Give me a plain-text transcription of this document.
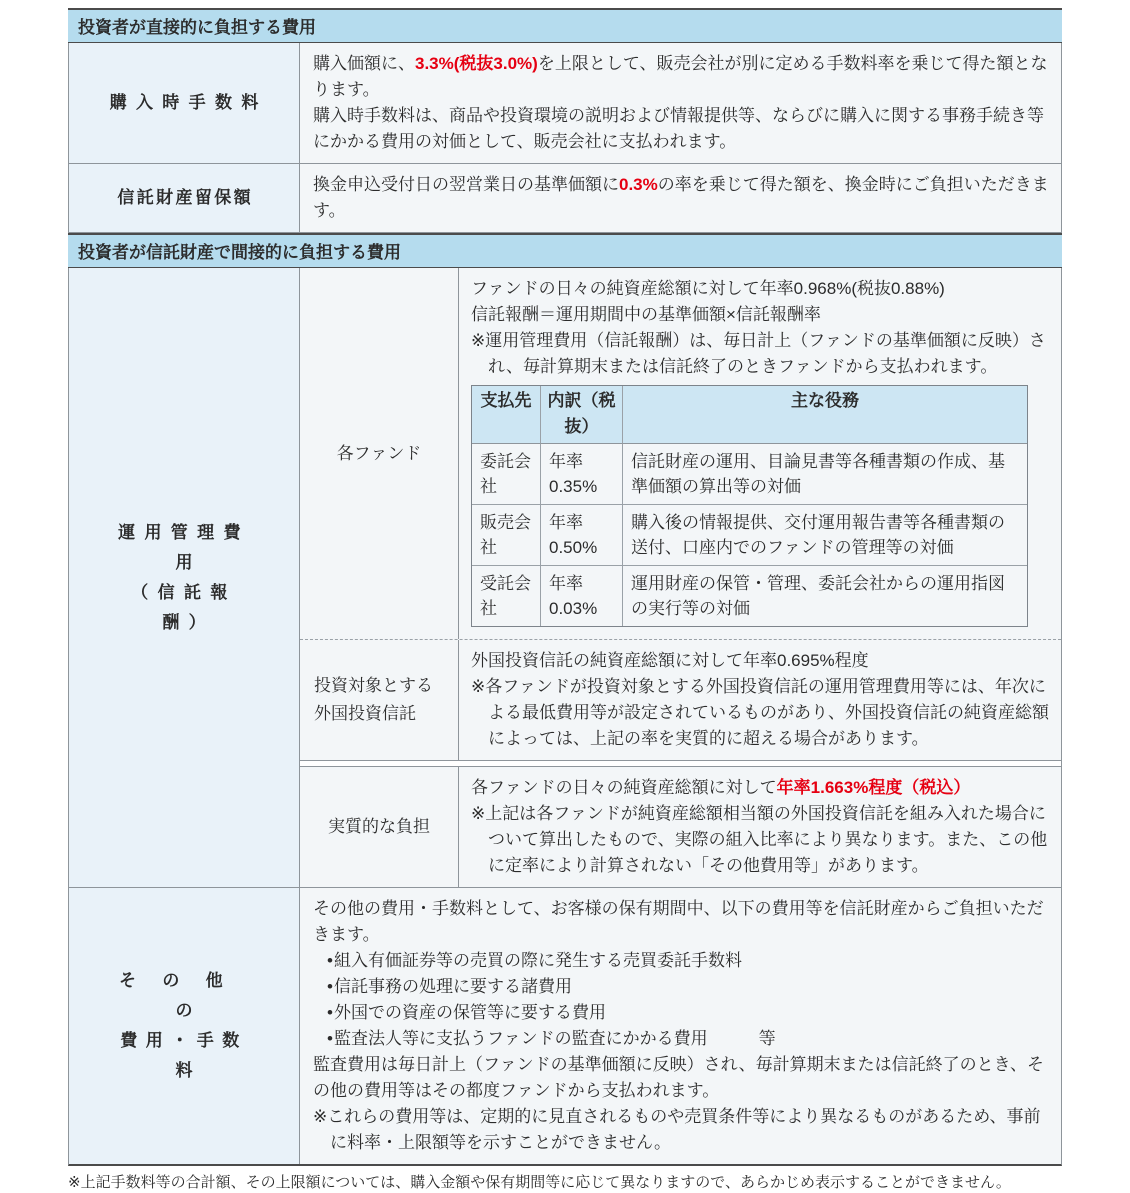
投資者が直接的に負担する費用
購入時手数料

購入価額に、3.3%(税抜3.0%)を上限として、販売会社が別に定める手数料率を乗じて得た額となります。

購入時手数料は、商品や投資環境の説明および情報提供等、ならびに購入に関する事務手続き等にかかる費用の対価として、販売会社に支払われます。

信託財産留保額

換金申込受付日の翌営業日の基準価額に0.3%の率を乗じて得た額を、換金時にご負担いただきます。

投資者が信託財産で間接的に負担する費用
運用管理費用
（信託報酬）
各ファンド

ファンドの日々の純資産総額に対して年率0.968%(税抜0.88%)

信託報酬＝運用期間中の基準価額×信託報酬率

※運用管理費用（信託報酬）は、毎日計上（ファンドの基準価額に反映）され、毎計算期末または信託終了のときファンドから支払われます。

支払先 内訳（税抜）
主な役務
委託会社
年率0.35%
信託財産の運用、目論見書等各種書類の作成、基準価額の算出等の対価
販売会社
年率0.50%
購入後の情報提供、交付運用報告書等各種書類の送付、口座内でのファンドの管理等の対価
受託会社
年率0.03%
運用財産の保管・管理、委託会社からの運用指図の実行等の対価
投資対象とする
外国投資信託

外国投資信託の純資産総額に対して年率0.695%程度

※各ファンドが投資対象とする外国投資信託の運用管理費用等には、年次による最低費用等が設定されているものがあり、外国投資信託の純資産総額によっては、上記の率を実質的に超える場合があります。

実質的な負担

各ファンドの日々の純資産総額に対して年率1.663%程度（税込）

※上記は各ファンドが純資産総額相当額の外国投資信託を組み入れた場合について算出したもので、実際の組入比率により異なります。また、この他に定率により計算されない「その他費用等」があります。

その他の
費用・手数料

その他の費用・手数料として、お客様の保有期間中、以下の費用等を信託財産からご負担いただきます。

•組入有価証券等の売買の際に発生する売買委託手数料

•信託事務の処理に要する諸費用

•外国での資産の保管等に要する費用

•監査法人等に支払うファンドの監査にかかる費用　　　等

監査費用は毎日計上（ファンドの基準価額に反映）され、毎計算期末または信託終了のとき、その他の費用等はその都度ファンドから支払われます。

※これらの費用等は、定期的に見直されるものや売買条件等により異なるものがあるため、事前に料率・上限額等を示すことができません。

※上記手数料等の合計額、その上限額については、購入金額や保有期間等に応じて異なりますので、あらかじめ表示することができません。
